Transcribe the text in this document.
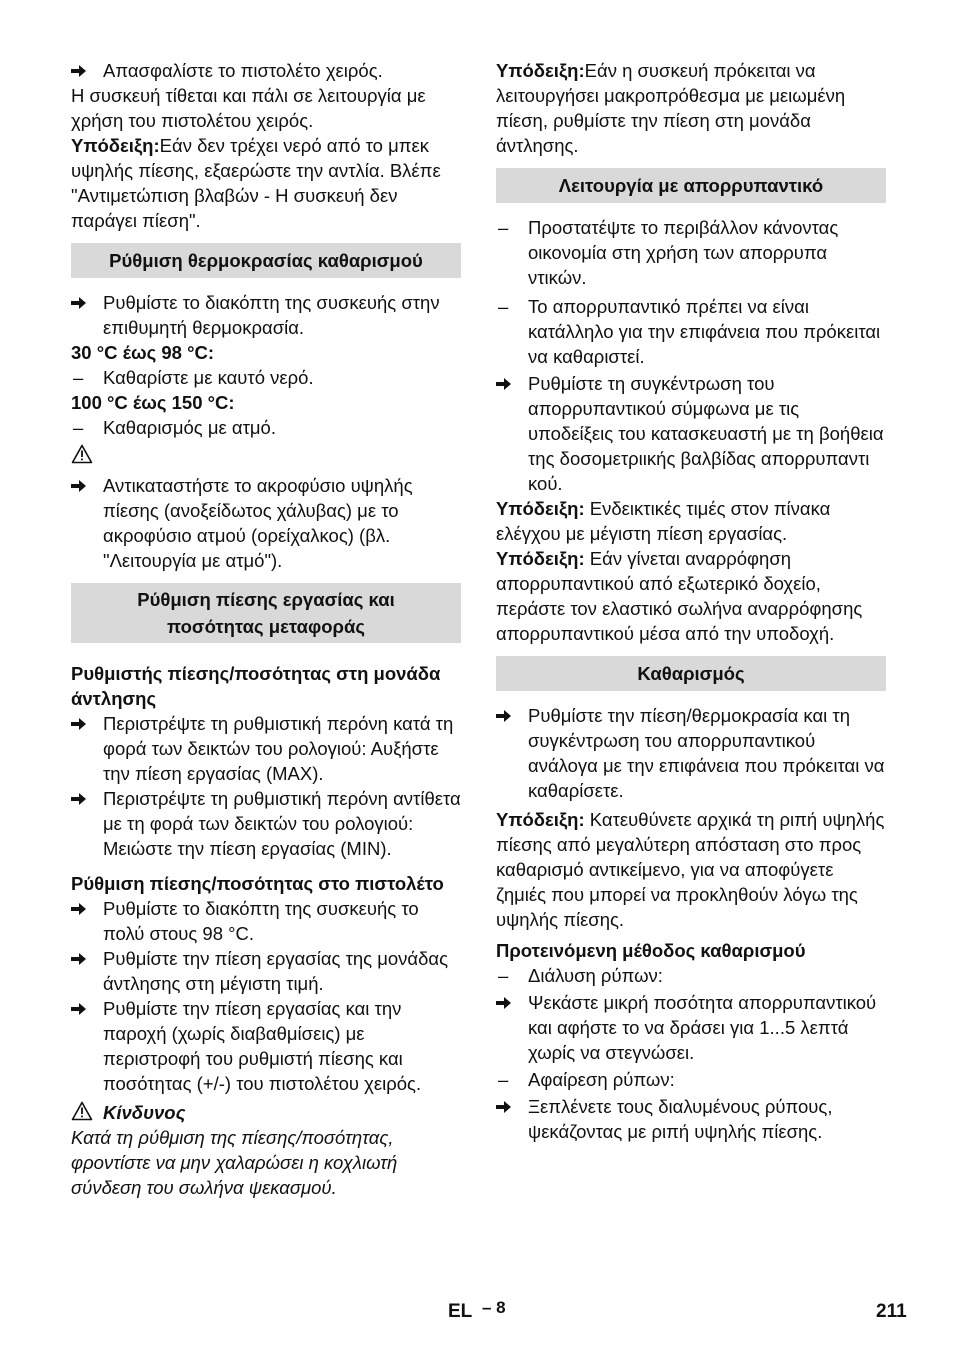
Απασφαλίστε το πιστολέτο χειρός.

Η συσκευή τίθεται και πάλι σε λειτουργία με χρήση του πιστολέτου χειρός.

Υπόδειξη:Εάν δεν τρέχει νερό από το μπεκ υψηλής πίεσης, εξαερώστε την αντλία. Βλέπε "Αντιμετώπιση βλαβών - Η συσκευή δεν παράγει πίεση".

Ρύθμιση θερμοκρασίας καθαρισμού
Ρυθμίστε το διακόπτη της συσκευής στην επιθυμητή θερμοκρασία.

30 °C έως 98 °C:

–	Καθαρίστε με καυτό νερό.

100 °C έως 150 °C:

–	Καθαρισμός με ατμό.
Αντικαταστήστε το ακροφύσιο υψηλής πίεσης (ανοξείδωτος χάλυβας) με το ακροφύσιο ατμού (ορείχαλκος) (βλ. "Λειτουργία με ατμό").
Ρύθμιση πίεσης εργασίας και ποσότητας μεταφοράς

Ρυθμιστής πίεσης/ποσότητας στη μονάδα άντλησης

Περιστρέψτε τη ρυθμιστική περόνη κατά τη φορά των δεικτών του ρολογιού: Αυξήστε την πίεση εργασίας (MAX).
Περιστρέψτε τη ρυθμιστική περόνη αντίθετα με τη φορά των δεικτών του ρολογιού: Μειώστε την πίεση εργασίας (MIN).

Ρύθμιση πίεσης/ποσότητας στο πιστολέτο

Ρυθμίστε το διακόπτη της συσκευής το πολύ στους 98 °C.
Ρυθμίστε την πίεση εργασίας της μονάδας άντλησης στη μέγιστη τιμή.
Ρυθμίστε την πίεση εργασίας και την παροχή (χωρίς διαβαθμίσεις) με περιστροφή του ρυθμιστή πίεσης και ποσότητας (+/-) του πιστολέτου χειρός.

Κίνδυνος

Κατά τη ρύθμιση της πίεσης/ποσότητας, φροντίστε να μην χαλαρώσει η κοχλιωτή σύνδεση του σωλήνα ψεκασμού.

Υπόδειξη:Εάν η συσκευή πρόκειται να λειτουργήσει μακροπρόθεσμα με μειωμένη πίεση, ρυθμίστε την πίεση στη μονάδα άντλησης.

Λειτουργία με απορρυπαντικό
–	Προστατέψτε το περιβάλλον κάνοντας οικονομία στη χρήση των απορρυπα ντικών.
–	Το απορρυπαντικό πρέπει να είναι κατάλληλο για την επιφάνεια που πρόκειται να καθαριστεί.
Ρυθμίστε τη συγκέντρωση του απορρυπαντικού σύμφωνα με τις υποδείξεις του κατασκευαστή με τη βοήθεια της δοσομετριικής βαλβίδας απορρυπαντι κού.

Υπόδειξη: Ενδεικτικές τιμές στον πίνακα ελέγχου με μέγιστη πίεση εργασίας.

Υπόδειξη: Εάν γίνεται αναρρόφηση απορρυπαντικού από εξωτερικό δοχείο, περάστε τον ελαστικό σωλήνα αναρρόφησης απορρυπαντικού μέσα από την υποδοχή.

Καθαρισμός
Ρυθμίστε την πίεση/θερμοκρασία και τη συγκέντρωση του απορρυπαντικού ανάλογα με την επιφάνεια που πρόκειται να καθαρίσετε.

Υπόδειξη: Κατευθύνετε αρχικά τη ριπή υψηλής πίεσης από μεγαλύτερη απόσταση στο προς καθαρισμό αντικείμενο, για να αποφύγετε ζημιές που μπορεί να προκληθούν λόγω της υψηλής πίεσης.

Προτεινόμενη μέθοδος καθαρισμού

–	Διάλυση ρύπων:
Ψεκάστε μικρή ποσότητα απορρυπαντικού και αφήστε το να δράσει για 1...5 λεπτά χωρίς να στεγνώσει.
–	Αφαίρεση ρύπων:
Ξεπλένετε τους διαλυμένους ρύπους, ψεκάζοντας με ριπή υψηλής πίεσης.
EL – 8	211
